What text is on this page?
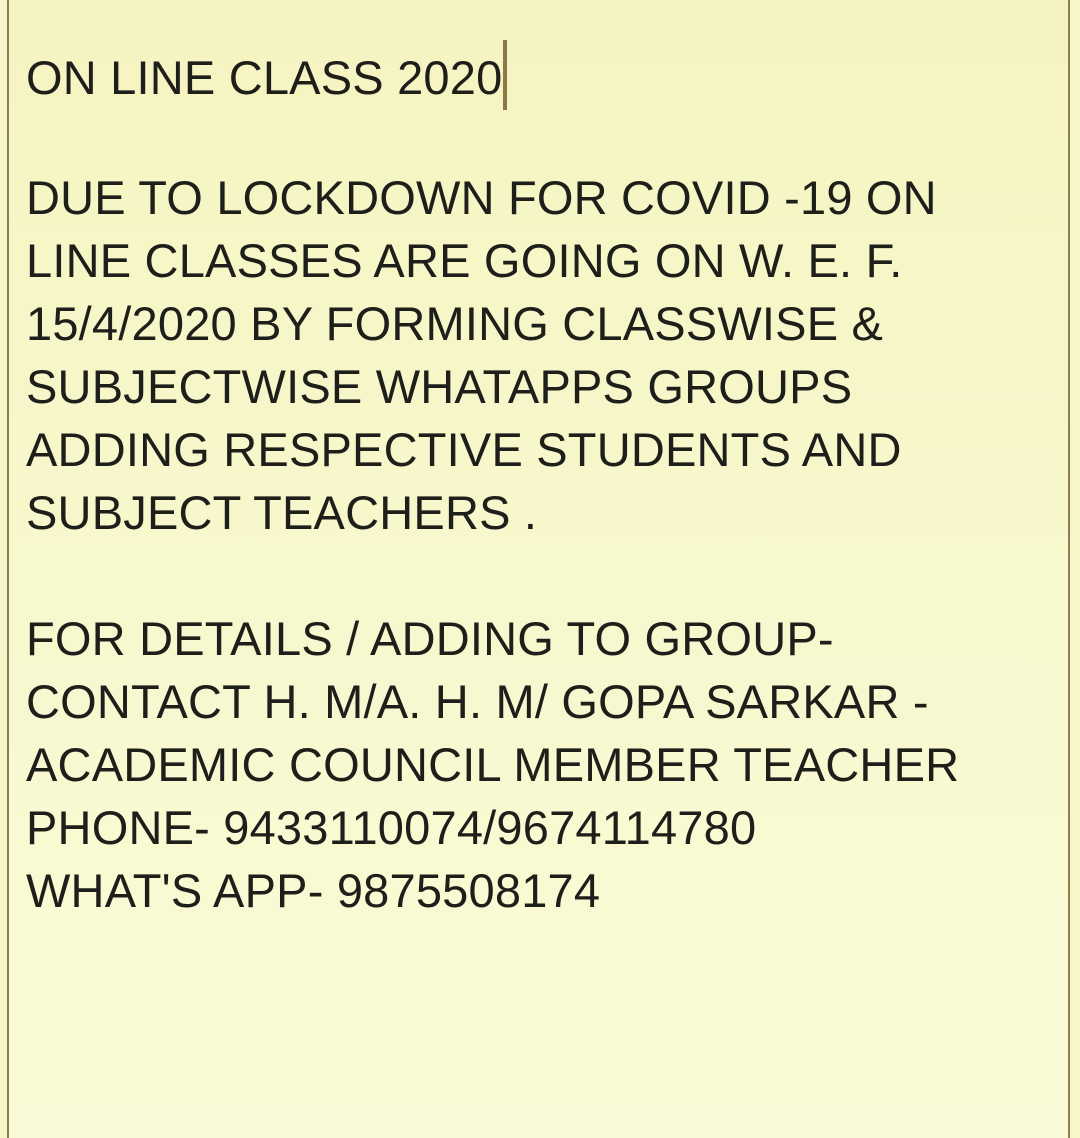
ON LINE CLASS 2020
DUE TO LOCKDOWN FOR COVID -19 ON
LINE CLASSES ARE GOING ON W. E. F.
15/4/2020 BY FORMING CLASSWISE &
SUBJECTWISE WHATAPPS GROUPS
ADDING RESPECTIVE STUDENTS AND
SUBJECT TEACHERS .
FOR DETAILS / ADDING TO GROUP-
CONTACT H. M/A. H. M/ GOPA SARKAR -
ACADEMIC COUNCIL MEMBER TEACHER
PHONE- 9433110074/9674114780
WHAT'S APP- 9875508174
